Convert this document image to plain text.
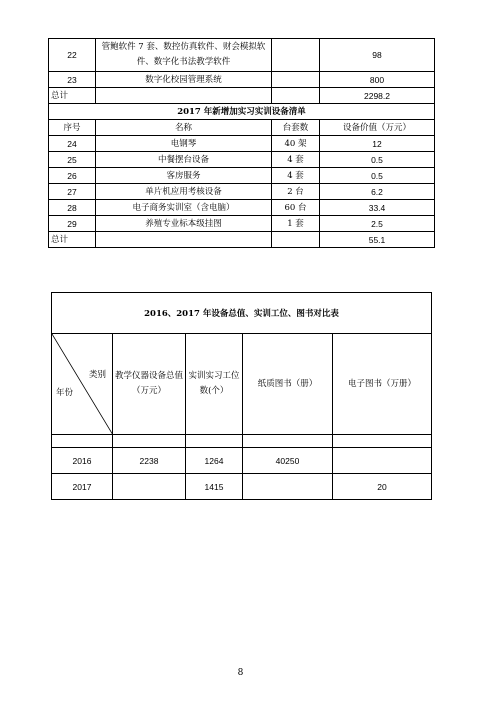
22	管鲍软件 7 套、数控仿真软件、财会模拟软件、数字化书法教学软件		98
23	数字化校园管理系统		800
总计			2298.2
2017 年新增加实习实训设备清单			
序号	名称	台套数	设备价值（万元）
24	电钢琴	40 架	12
25	中餐摆台设备	4 套	0.5
26	客房服务	4 套	0.5
27	单片机应用考核设备	2 台	6.2
28	电子商务实训室（含电脑）	60 台	33.4
29	养殖专业标本级挂图	1 套	2.5
总计			55.1
2016、2017 年设备总值、实训工位、图书对比表				

类别
年份	教学仪器设备总值（万元）	实训实习工位数(个）	纸质图书（册）	电子图书（万册）

2016	2238	1264	40250	
2017		1415		20
8
